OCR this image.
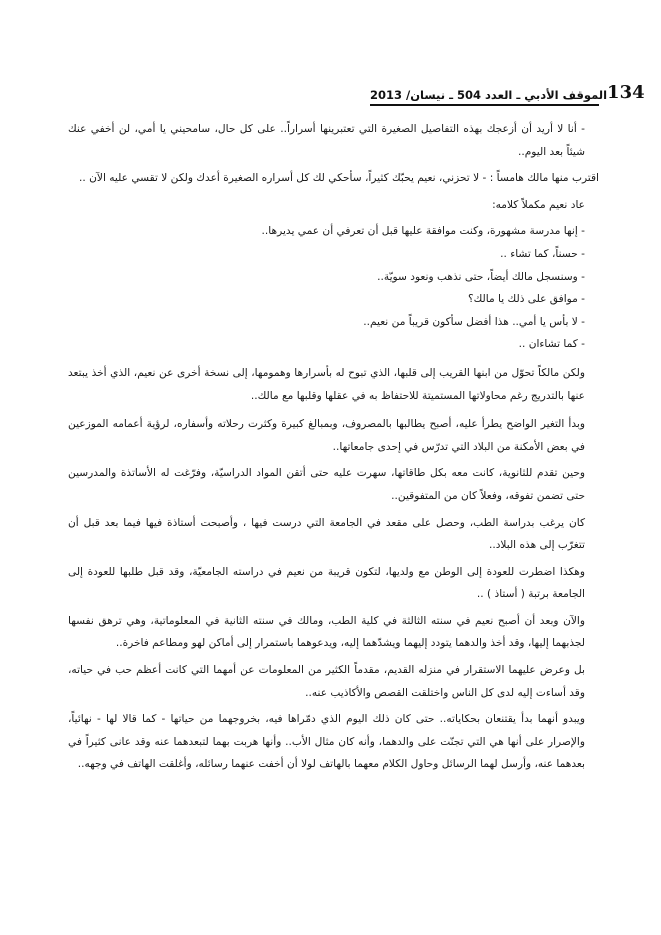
الموقف الأدبي ـ العدد 504 ـ نيسان/ 2013 134

- أنا لا أريد أن أزعجك بهذه التفاصيل الصغيرة التي تعتبرينها أسراراً.. على كل حال، سامحيني يا أمي، لن أخفي عنك شيئاً بعد اليوم..

اقترب منها مالك هامساً : - لا تحزني، نعيم يحبّك كثيراً، سأحكي لك كل أسراره الصغيرة أعدك ولكن لا تقسي عليه الآن ..

عاد نعيم مكملاً كلامه:

- إنها مدرسة مشهورة، وكنت موافقة عليها قبل أن تعرفي أن عمي يديرها..

- حسناً، كما تشاء ..

- وسنسجل مالك أيضاً، حتى نذهب ونعود سويّة..

- موافق على ذلك يا مالك؟

- لا بأس يا أمي.. هذا أفضل سأكون قريباً من نعيم..

- كما تشاءان ..

ولكن مالكاً تحوّل من ابنها القريب إلى قلبها، الذي تبوح له بأسرارها وهمومها، إلى نسخة أخرى عن نعيم، الذي أخذ يبتعد عنها بالتدريج رغم محاولاتها المستميتة للاحتفاظ به في عقلها وقلبها مع مالك..

وبدأ التغير الواضح يطرأ عليه، أصبح يطالبها بالمصروف، وبمبالغ كبيرة وكثرت رحلاته وأسفاره، لرؤية أعمامه الموزعين في بعض الأمكنة من البلاد التي تدرّس في إحدى جامعاتها..

وحين تقدم للثانوية، كانت معه بكل طاقاتها، سهرت عليه حتى أتقن المواد الدراسيّة، وفرّغت له الأساتذة والمدرسين حتى تضمن تفوقه، وفعلاً كان من المتفوقين..

كان يرغب بدراسة الطب، وحصل على مقعد في الجامعة التي درست فيها ، وأصبحت أستاذة فيها فيما بعد قبل أن تتغرّب إلى هذه البلاد..

وهكذا اضطرت للعودة إلى الوطن مع ولديها، لتكون قريبة من نعيم في دراسته الجامعيّة، وقد قبل طلبها للعودة إلى الجامعة برتبة ( أستاذ ) ..

والآن وبعد أن أصبح نعيم في سنته الثالثة في كلية الطب، ومالك في سنته الثانية في المعلوماتية، وهي ترهق نفسها لجذبهما إليها، وقد أخذ والدهما يتودد إليهما ويشدّهما إليه، ويدعوهما باستمرار إلى أماكن لهو ومطاعم فاخرة..

بل وعرض عليهما الاستقرار في منزله القديم، مقدماً الكثير من المعلومات عن أمهما التي كانت أعظم حب في حياته، وقد أساءت إليه لدى كل الناس واختلقت القصص والأكاذيب عنه..

ويبدو أنهما بدأ يقتنعان بحكاياته.. حتى كان ذلك اليوم الذي دمّراها فيه، بخروجهما من حياتها - كما قالا لها - نهائياً، والإصرار على أنها هي التي تجنّت على والدهما، وأنه كان مثال الأب.. وأنها هربت بهما لتبعدهما عنه وقد عانى كثيراً في بعدهما عنه، وأرسل لهما الرسائل وحاول الكلام معهما بالهاتف لولا أن أخفت عنهما رسائله، وأغلقت الهاتف في وجهه..
